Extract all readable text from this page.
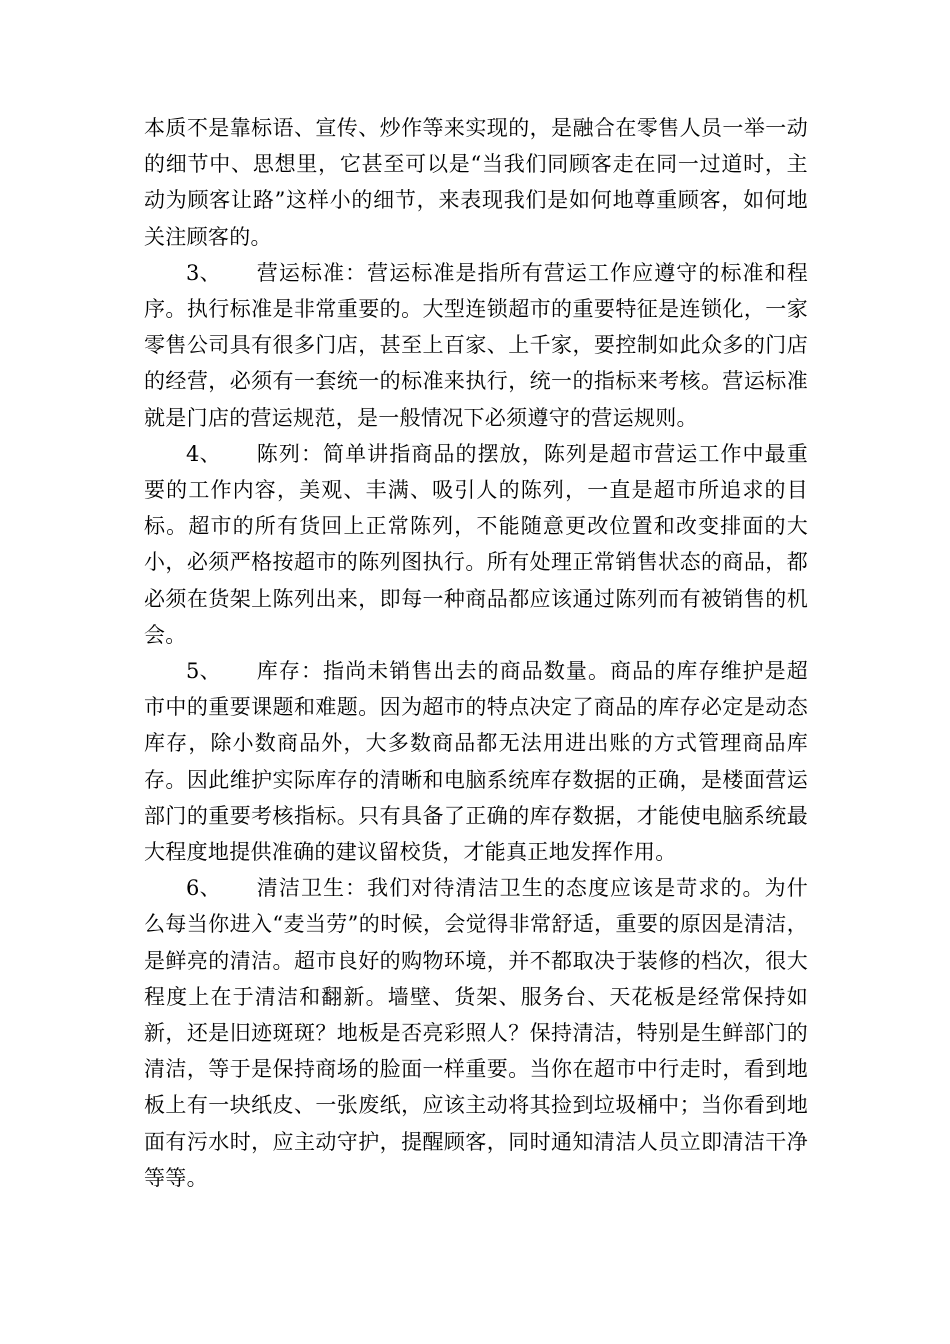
本质不是靠标语、宣传、炒作等来实现的，是融合在零售人员一举一动的细节中、思想里，它甚至可以是“当我们同顾客走在同一过道时，主动为顾客让路”这样小的细节，来表现我们是如何地尊重顾客，如何地关注顾客的。

3、 营运标准：营运标准是指所有营运工作应遵守的标准和程序。执行标准是非常重要的。大型连锁超市的重要特征是连锁化，一家零售公司具有很多门店，甚至上百家、上千家，要控制如此众多的门店的经营，必须有一套统一的标准来执行，统一的指标来考核。营运标准就是门店的营运规范，是一般情况下必须遵守的营运规则。

4、 陈列：简单讲指商品的摆放，陈列是超市营运工作中最重要的工作内容，美观、丰满、吸引人的陈列，一直是超市所追求的目标。超市的所有货回上正常陈列，不能随意更改位置和改变排面的大小，必须严格按超市的陈列图执行。所有处理正常销售状态的商品，都必须在货架上陈列出来，即每一种商品都应该通过陈列而有被销售的机会。

5、 库存：指尚未销售出去的商品数量。商品的库存维护是超市中的重要课题和难题。因为超市的特点决定了商品的库存必定是动态库存，除小数商品外，大多数商品都无法用进出账的方式管理商品库存。因此维护实际库存的清晰和电脑系统库存数据的正确，是楼面营运部门的重要考核指标。只有具备了正确的库存数据，才能使电脑系统最大程度地提供准确的建议留校货，才能真正地发挥作用。

6、 清洁卫生：我们对待清洁卫生的态度应该是苛求的。为什么每当你进入“麦当劳”的时候，会觉得非常舒适，重要的原因是清洁，是鲜亮的清洁。超市良好的购物环境，并不都取决于装修的档次，很大程度上在于清洁和翻新。墙壁、货架、服务台、天花板是经常保持如新，还是旧迹斑斑？地板是否亮彩照人？保持清洁，特别是生鲜部门的清洁，等于是保持商场的脸面一样重要。当你在超市中行走时，看到地板上有一块纸皮、一张废纸，应该主动将其捡到垃圾桶中；当你看到地面有污水时，应主动守护，提醒顾客，同时通知清洁人员立即清洁干净等等。
